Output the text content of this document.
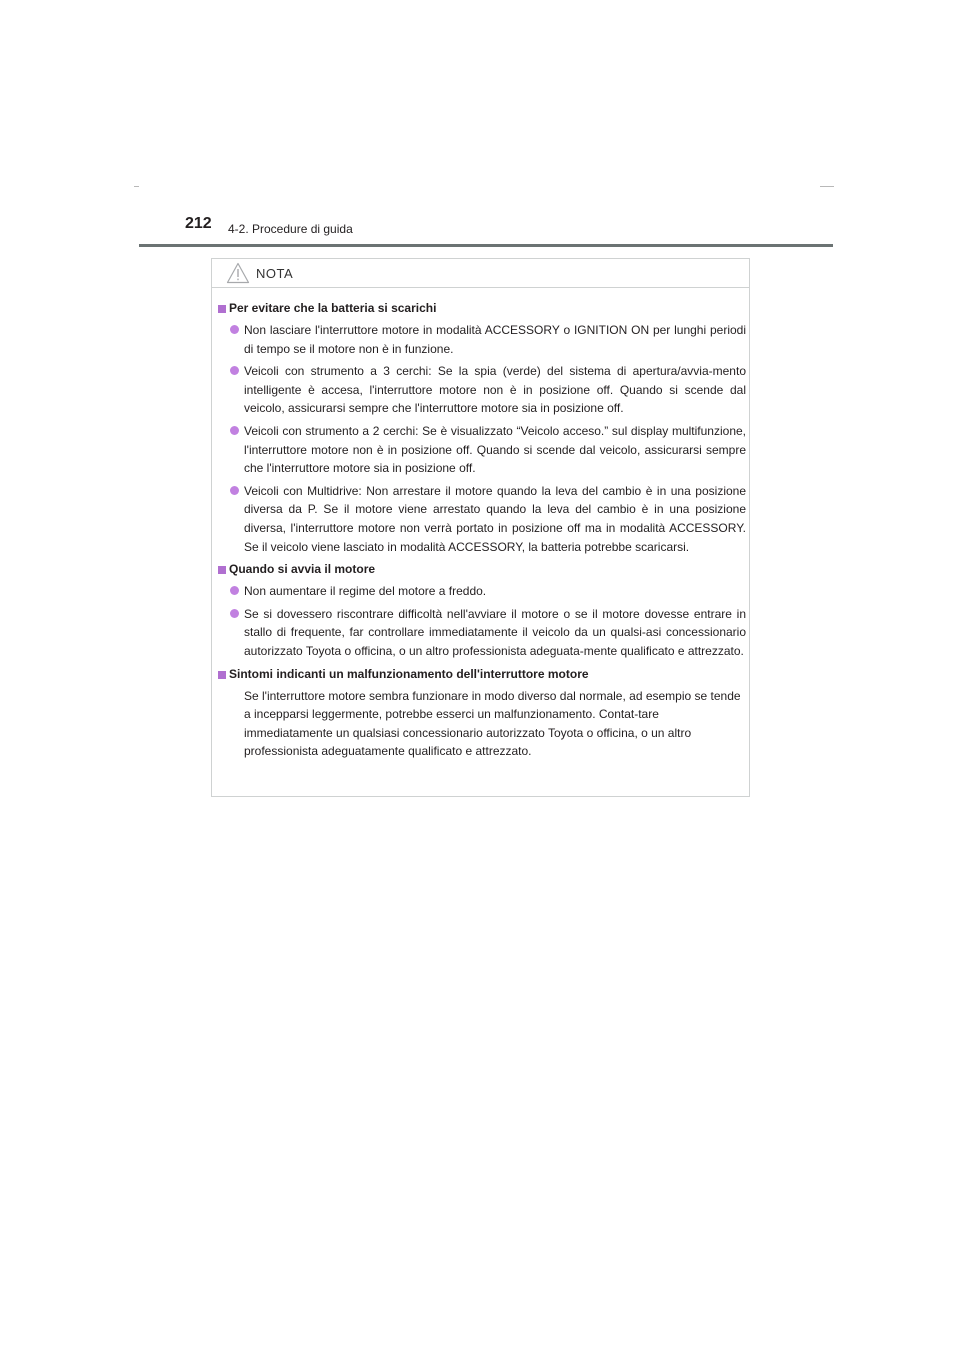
212 4-2. Procedure di guida
NOTA
Per evitare che la batteria si scarichi

Non lasciare l'interruttore motore in modalità ACCESSORY o IGNITION ON per lunghi periodi di tempo se il motore non è in funzione.

Veicoli con strumento a 3 cerchi: Se la spia (verde) del sistema di apertura/avvia-mento intelligente è accesa, l'interruttore motore non è in posizione off. Quando si scende dal veicolo, assicurarsi sempre che l'interruttore motore sia in posizione off.

Veicoli con strumento a 2 cerchi: Se è visualizzato “Veicolo acceso.” sul display multifunzione, l'interruttore motore non è in posizione off. Quando si scende dal veicolo, assicurarsi sempre che l'interruttore motore sia in posizione off.

Veicoli con Multidrive: Non arrestare il motore quando la leva del cambio è in una posizione diversa da P. Se il motore viene arrestato quando la leva del cambio è in una posizione diversa, l'interruttore motore non verrà portato in posizione off ma in modalità ACCESSORY. Se il veicolo viene lasciato in modalità ACCESSORY, la batteria potrebbe scaricarsi.

Quando si avvia il motore

Non aumentare il regime del motore a freddo.

Se si dovessero riscontrare difficoltà nell'avviare il motore o se il motore dovesse entrare in stallo di frequente, far controllare immediatamente il veicolo da un qualsi-asi concessionario autorizzato Toyota o officina, o un altro professionista adeguata-mente qualificato e attrezzato.

Sintomi indicanti un malfunzionamento dell'interruttore motore

Se l'interruttore motore sembra funzionare in modo diverso dal normale, ad esempio se tende a incepparsi leggermente, potrebbe esserci un malfunzionamento. Contat-tare immediatamente un qualsiasi concessionario autorizzato Toyota o officina, o un altro professionista adeguatamente qualificato e attrezzato.
